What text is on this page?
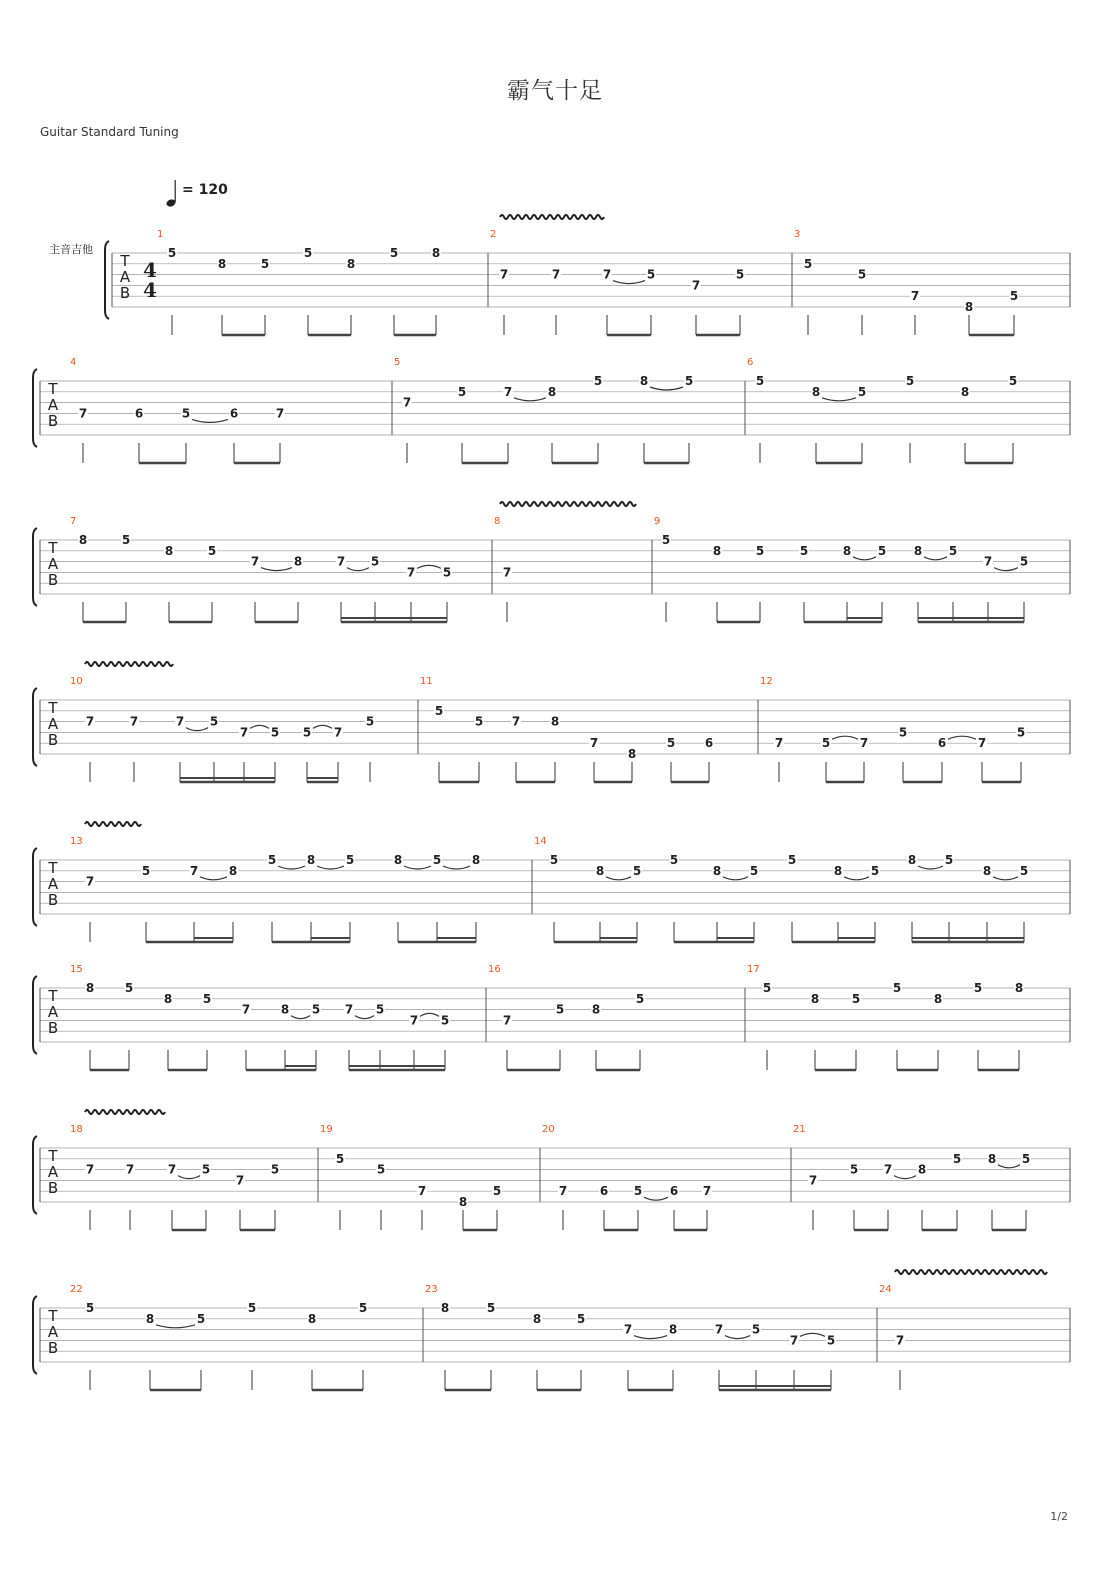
霸气十足
Guitar Standard Tuning
= 120
主音吉他
1/2
T
A
B
4
4
T
A
B
T
A
B
T
A
B
T
A
B
T
A
B
T
A
B
T
A
B
1
5
8	5
5
8
5	8
2
7	7	7	5
7
5
3
5
5
7
8
5
4
7	6	5	6	7
5
7
5	7	8
5	8	5
6
5
8	5
5
8
5
7
8	5
8	5
7	8	7 5
7 5
8
7
9
5
8	5	5	8 5 8 5
7 5
10
7	7	7 5
7 5 5 7
5
11
5
5 7	8
7
8
5 6
12
7	5 7
5
6	7
5
13
7
5	7	8
5	8	5	8	5	8
14
5
8 5
5
8 5
5
8 5
8 5
8 5
15
8	5
8	5
7	8 5 7 5
7 5
16
7
5 8
5
17
5
8	5
5
8
5	8
18
7	7	7 5
7
5
19
5
5
7
8
5
20
7	6 5 6 7
21
7
5 7 8
5 8 5
22
5
8	5
5
8
5
23
8	5
8	5
7	8	7 5
7 5
24
7
